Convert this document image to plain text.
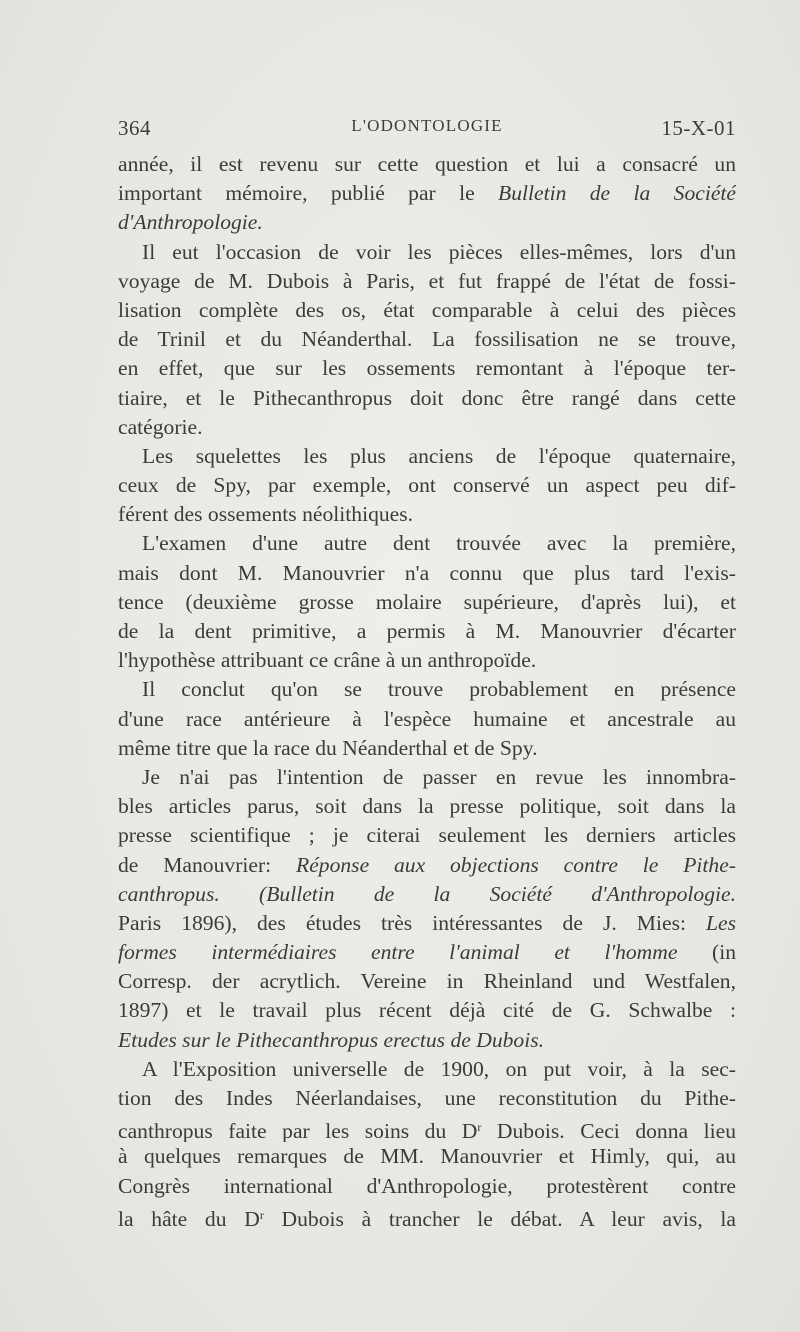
364	L'ODONTOLOGIE	15-X-01
année, il est revenu sur cette question et lui a consacré un
important mémoire, publié par le Bulletin de la Société
d'Anthropologie.
Il eut l'occasion de voir les pièces elles-mêmes, lors d'un
voyage de M. Dubois à Paris, et fut frappé de l'état de fossi-
lisation complète des os, état comparable à celui des pièces
de Trinil et du Néanderthal. La fossilisation ne se trouve,
en effet, que sur les ossements remontant à l'époque ter-
tiaire, et le Pithecanthropus doit donc être rangé dans cette
catégorie.
Les squelettes les plus anciens de l'époque quaternaire,
ceux de Spy, par exemple, ont conservé un aspect peu dif-
férent des ossements néolithiques.
L'examen d'une autre dent trouvée avec la première,
mais dont M. Manouvrier n'a connu que plus tard l'exis-
tence (deuxième grosse molaire supérieure, d'après lui), et
de la dent primitive, a permis à M. Manouvrier d'écarter
l'hypothèse attribuant ce crâne à un anthropoïde.
Il conclut qu'on se trouve probablement en présence
d'une race antérieure à l'espèce humaine et ancestrale au
même titre que la race du Néanderthal et de Spy.
Je n'ai pas l'intention de passer en revue les innombra-
bles articles parus, soit dans la presse politique, soit dans la
presse scientifique ; je citerai seulement les derniers articles
de Manouvrier: Réponse aux objections contre le Pithe-
canthropus. (Bulletin de la Société d'Anthropologie.
Paris 1896), des études très intéressantes de J. Mies: Les
formes intermédiaires entre l'animal et l'homme (in
Corresp. der acrytlich. Vereine in Rheinland und Westfalen,
1897) et le travail plus récent déjà cité de G. Schwalbe :
Etudes sur le Pithecanthropus erectus de Dubois.
A l'Exposition universelle de 1900, on put voir, à la sec-
tion des Indes Néerlandaises, une reconstitution du Pithe-
canthropus faite par les soins du $D^r$ Dubois. Ceci donna lieu
à quelques remarques de MM. Manouvrier et Himly, qui, au
Congrès international d'Anthropologie, protestèrent contre
la hâte du $D^r$ Dubois à trancher le débat. A leur avis, la
